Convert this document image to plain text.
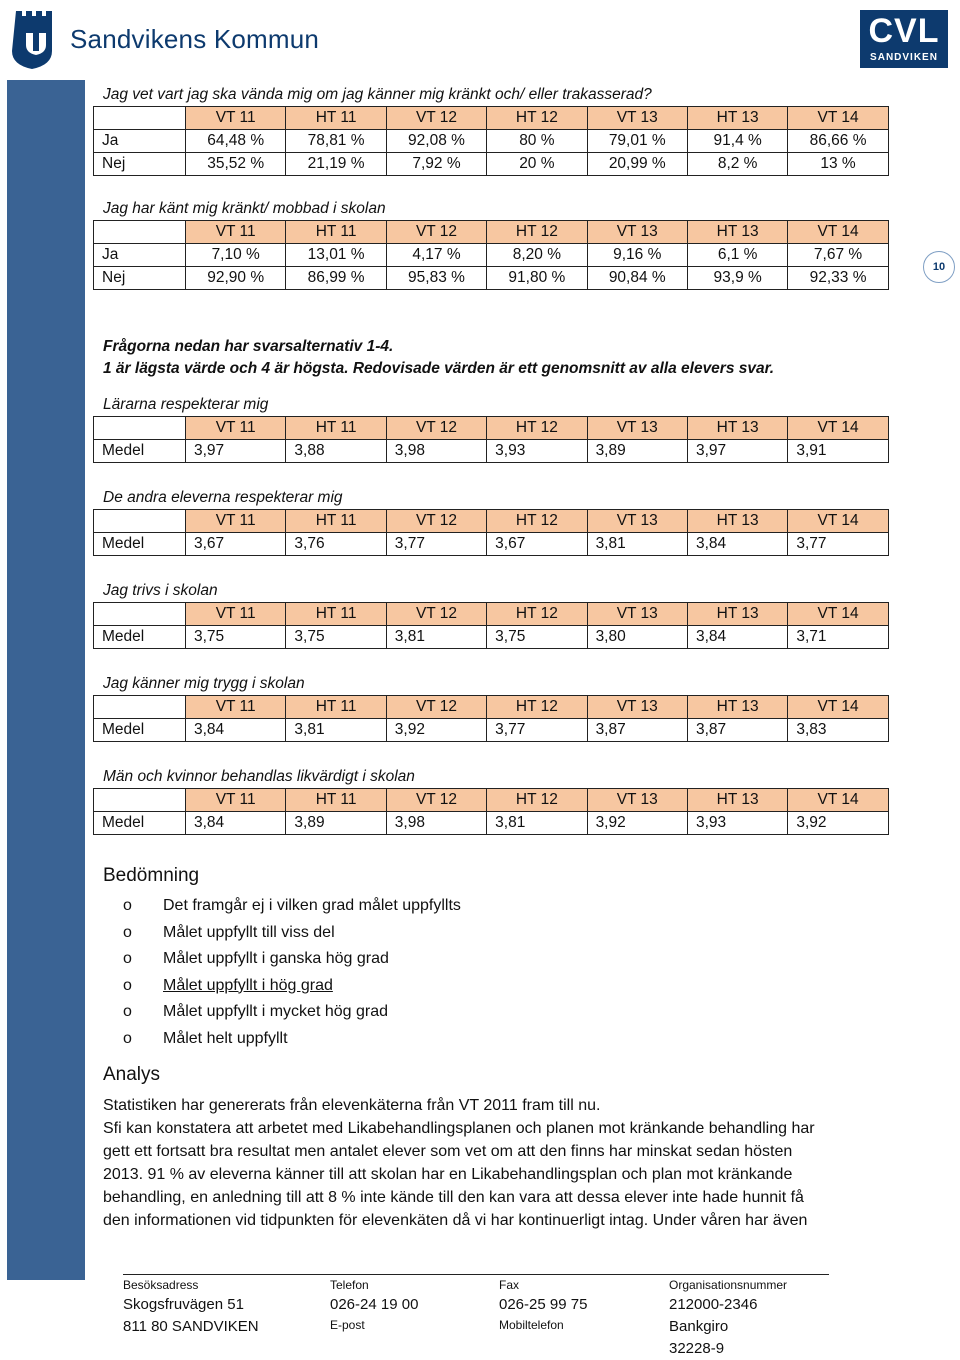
Sandvikens Kommun	CVL
SANDVIKEN
10
Jag vet vart jag ska vända mig om jag känner mig kränkt och/ eller trakasserad?
	VT 11	HT 11	VT 12	HT 12	VT 13	HT 13	VT 14
Ja	64,48 %	78,81 %	92,08 %	80 %	79,01 %	91,4 %	86,66 %
Nej	35,52 %	21,19 %	7,92 %	20 %	20,99 %	8,2 %	13 %
Jag har känt mig kränkt/ mobbad i skolan
	VT 11	HT 11	VT 12	HT 12	VT 13	HT 13	VT 14
Ja	7,10 %	13,01 %	4,17 %	8,20 %	9,16 %	6,1 %	7,67 %
Nej	92,90 %	86,99 %	95,83 %	91,80 %	90,84 %	93,9 %	92,33 %
Frågorna nedan har svarsalternativ 1-4.
1 är lägsta värde och 4 är högsta. Redovisade värden är ett genomsnitt av alla elevers svar.
Lärarna respekterar mig
	VT 11	HT 11	VT 12	HT 12	VT 13	HT 13	VT 14
Medel	3,97	3,88	3,98	3,93	3,89	3,97	3,91
De andra eleverna respekterar mig
	VT 11	HT 11	VT 12	HT 12	VT 13	HT 13	VT 14
Medel	3,67	3,76	3,77	3,67	3,81	3,84	3,77
Jag trivs i skolan
	VT 11	HT 11	VT 12	HT 12	VT 13	HT 13	VT 14
Medel	3,75	3,75	3,81	3,75	3,80	3,84	3,71
Jag känner mig trygg i skolan
	VT 11	HT 11	VT 12	HT 12	VT 13	HT 13	VT 14
Medel	3,84	3,81	3,92	3,77	3,87	3,87	3,83
Män och kvinnor behandlas likvärdigt i skolan
	VT 11	HT 11	VT 12	HT 12	VT 13	HT 13	VT 14
Medel	3,84	3,89	3,98	3,81	3,92	3,93	3,92
Bedömning
o Det framgår ej i vilken grad målet uppfyllts
o Målet uppfyllt till viss del
o Målet uppfyllt i ganska hög grad
o Målet uppfyllt i hög grad
o Målet uppfyllt i mycket hög grad
o Målet helt uppfyllt
Analys

Statistiken har genererats från elevenkäterna från VT 2011 fram till nu.

Sfi kan konstatera att arbetet med Likabehandlingsplanen och planen mot kränkande behandling har

gett ett fortsatt bra resultat men antalet elever som vet om att den finns har minskat sedan hösten

2013. 91 % av eleverna känner till att skolan har en Likabehandlingsplan och plan mot kränkande

behandling, en anledning till att 8 % inte kände till den kan vara att dessa elever inte hade hunnit få

den informationen vid tidpunkten för elevenkäten då vi har kontinuerligt intag. Under våren har även

Besöksadress
Skogsfruvägen 51
811 80 SANDVIKEN
Telefon
026-24 19 00
E-post
Fax
026-25 99 75
Mobiltelefon
Organisationsnummer
212000-2346
Bankgiro
32228-9
